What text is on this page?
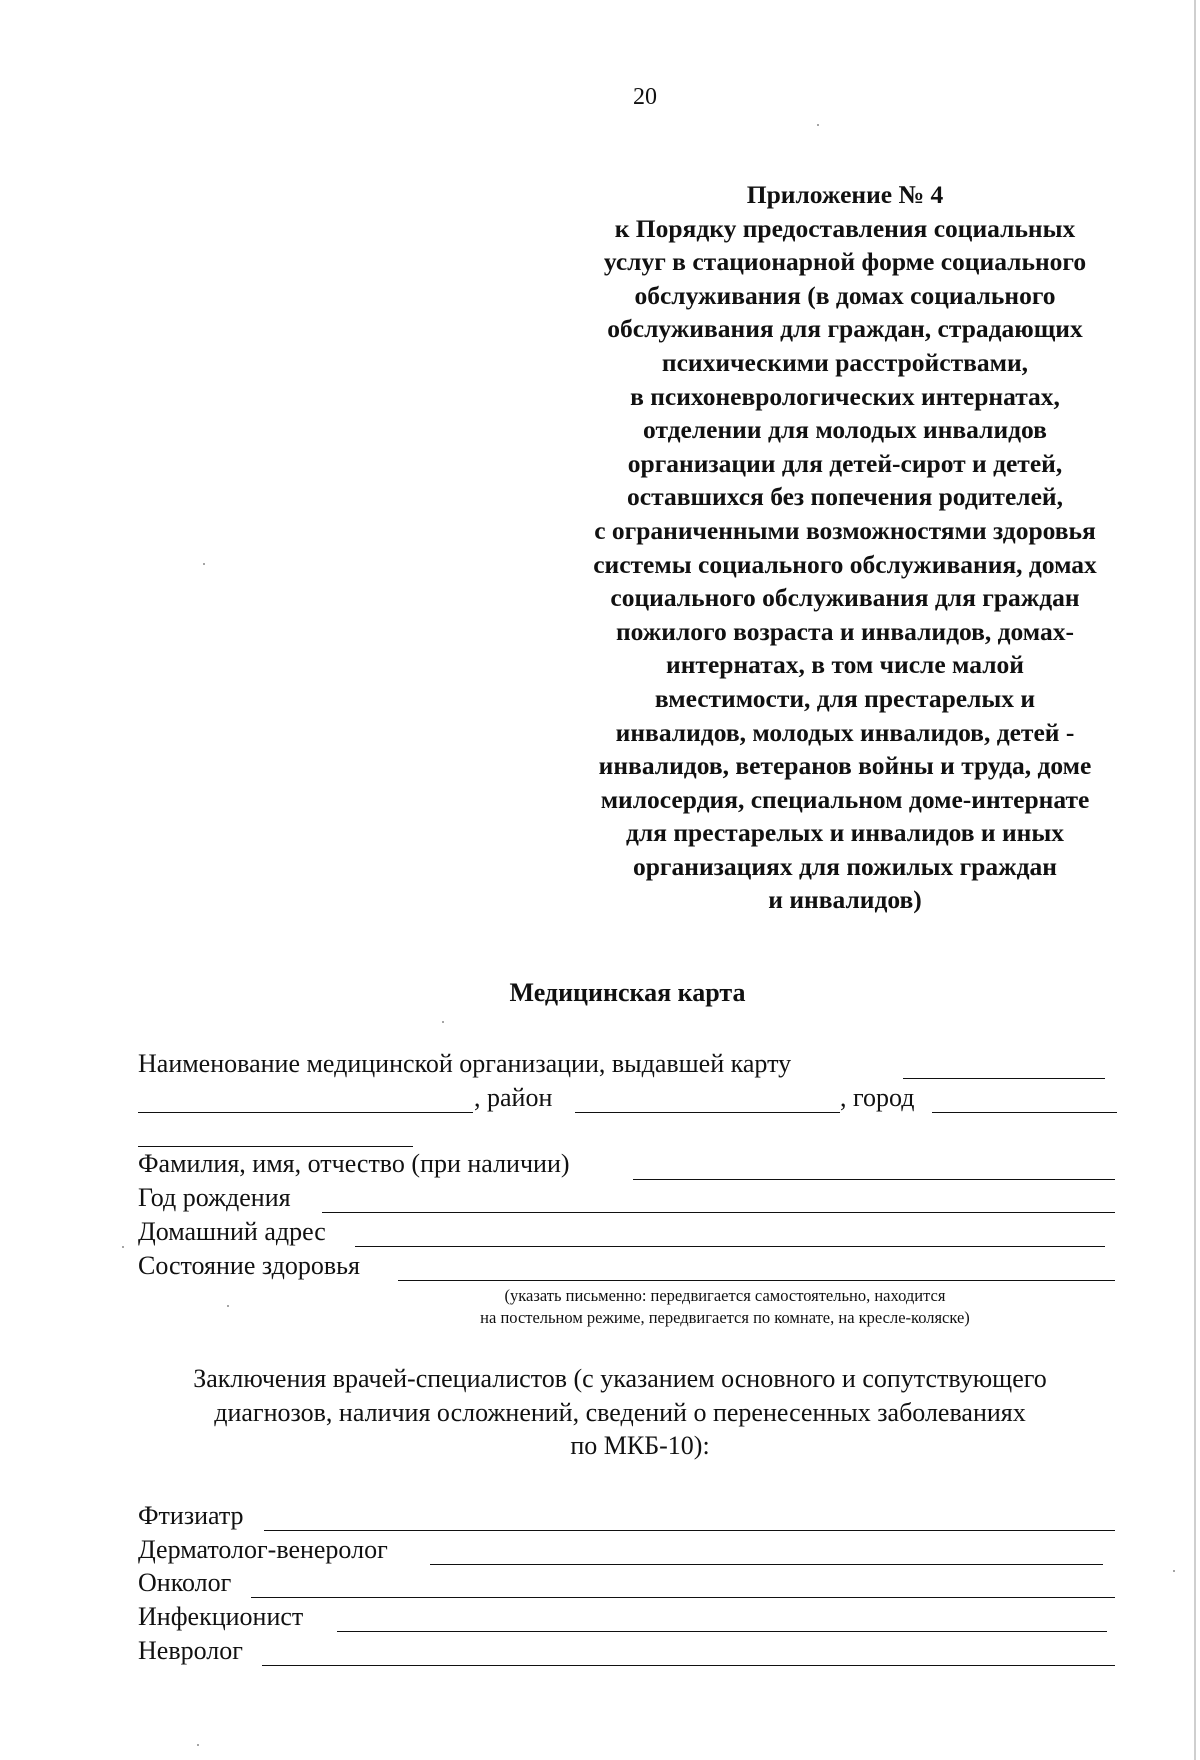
20
Приложение № 4
к Порядку предоставления социальных
услуг в стационарной форме социального
обслуживания (в домах социального
обслуживания для граждан, страдающих
психическими расстройствами,
в психоневрологических интернатах,
отделении для молодых инвалидов
организации для детей-сирот и детей,
оставшихся без попечения родителей,
с ограниченными возможностями здоровья
системы социального обслуживания, домах
социального обслуживания для граждан
пожилого возраста и инвалидов, домах-
интернатах, в том числе малой
вместимости, для престарелых и
инвалидов, молодых инвалидов, детей -
инвалидов, ветеранов войны и труда, доме
милосердия, специальном доме-интернате
для престарелых и инвалидов и иных
организациях для пожилых граждан
и инвалидов)
Медицинская карта
Наименование медицинской организации, выдавшей карту
, район	, город
Фамилия, имя, отчество (при наличии)
Год рождения
Домашний адрес
Состояние здоровья
(указать письменно: передвигается самостоятельно, находится
на постельном режиме, передвигается по комнате, на кресле-коляске)
Заключения врачей-специалистов (с указанием основного и сопутствующего
диагнозов, наличия осложнений, сведений о перенесенных заболеваниях
по МКБ-10):
Фтизиатр
Дерматолог-венеролог
Онколог
Инфекционист
Невролог
